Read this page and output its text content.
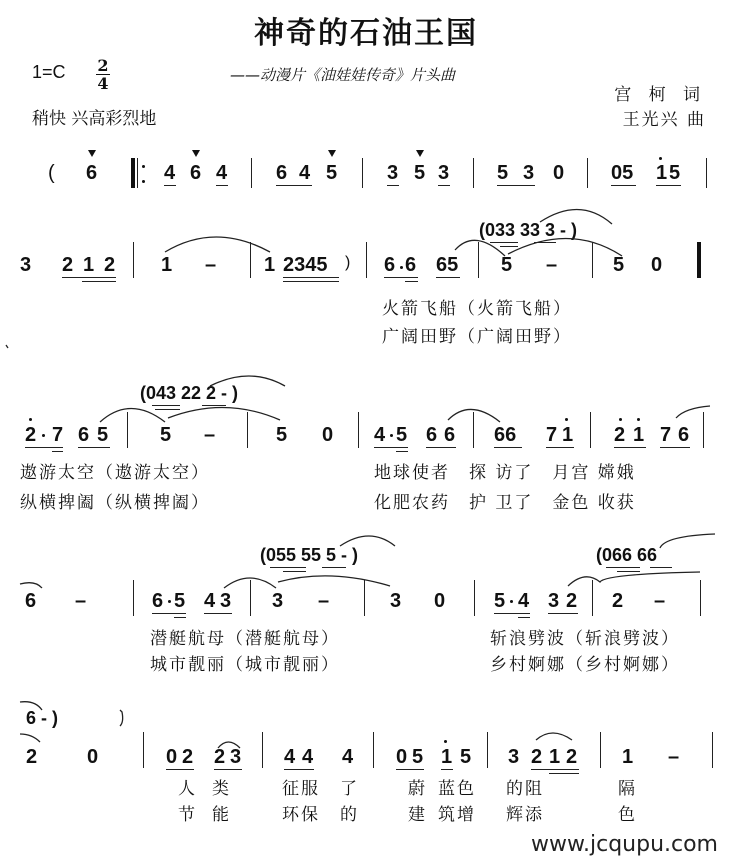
神奇的石油王国
1=C 2
4	——动漫片《油娃娃传奇》片头曲
宫 柯 词
王光兴 曲
稍快 兴高彩烈地
( 6	4 6 4 6 4 5 3 5 3 5 3 0 05 1 5
3 2 1 2 1 – 1 2345 ) 6 6 65 5 –	5 0
(033 33 3 - )
火箭飞船（火箭飞船）
广阔田野（广阔田野）
(043 22 2 - )
2 7 6 5	5 –	5 0 4 5 6 6 66 7 1 2 1 7 6
遨游太空（遨游太空）	地球使者　探 访了　月宫 嫦娥
纵横捭阖（纵横捭阖）	化肥农药　护 卫了　金色 收获
(055 55 5 - )	(066 66
6 –	6 5 4 3 3 –	3 0 5 4 3 2 2 –
潜艇航母（潜艇航母）	斩浪劈波（斩浪劈波）
城市靓丽（城市靓丽）	乡村婀娜（乡村婀娜）
6 - )
2 0	0 2 2 3 4 4 4 0 5 1 5 3 2 1 2 1 –
人 类	征服 了	蔚 蓝色 的阻	隔
节 能	环保 的	建 筑增 辉添	色
www.jcqupu.com
